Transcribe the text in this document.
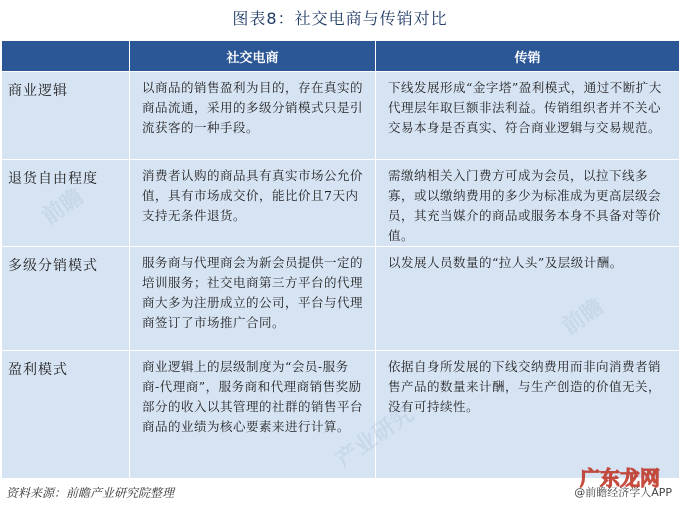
图表8：社交电商与传销对比
	社交电商	传销
商业逻辑	以商品的销售盈利为目的，存在真实的商品流通，采用的多级分销模式只是引流获客的一种手段。	下线发展形成“金字塔”盈利模式，通过不断扩大代理层年取巨额非法利益。传销组织者并不关心交易本身是否真实、符合商业逻辑与交易规范。
退货自由程度	消费者认购的商品具有真实市场公允价值，具有市场成交价，能比价且7天内支持无条件退货。	需缴纳相关入门费方可成为会员，以拉下线多寡，或以缴纳费用的多少为标准成为更高层级会员，其充当媒介的商品或服务本身不具备对等价值。
多级分销模式	服务商与代理商会为新会员提供一定的培训服务；社交电商第三方平台的代理商大多为注册成立的公司，平台与代理商签订了市场推广合同。	以发展人员数量的“拉人头”及层级计酬。
盈利模式	商业逻辑上的层级制度为“会员-服务商-代理商”，服务商和代理商销售奖励部分的收入以其管理的社群的销售平台商品的业绩为核心要素来进行计算。	依据自身所发展的下线交纳费用而非向消费者销售产品的数量来计酬，与生产创造的价值无关，没有可持续性。
资料来源：前瞻产业研究院整理
广东龙网
@前瞻经济学人APP
